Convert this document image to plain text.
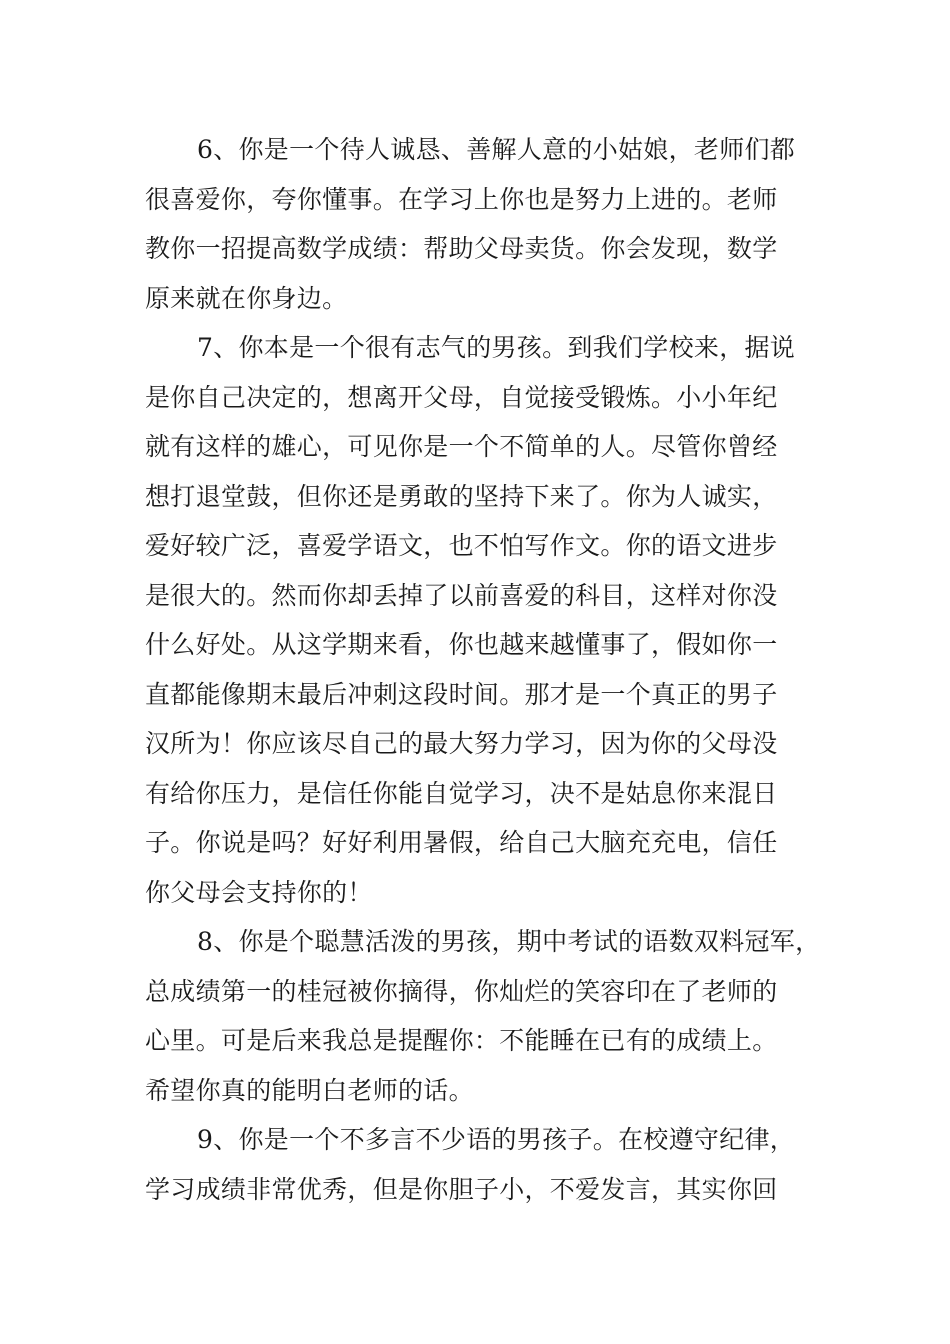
6、你是一个待人诚恳、善解人意的小姑娘，老师们都
很喜爱你，夸你懂事。在学习上你也是努力上进的。老师
教你一招提高数学成绩：帮助父母卖货。你会发现，数学
原来就在你身边。
7、你本是一个很有志气的男孩。到我们学校来，据说
是你自己决定的，想离开父母，自觉接受锻炼。小小年纪
就有这样的雄心，可见你是一个不简单的人。尽管你曾经
想打退堂鼓，但你还是勇敢的坚持下来了。你为人诚实，
爱好较广泛，喜爱学语文，也不怕写作文。你的语文进步
是很大的。然而你却丢掉了以前喜爱的科目，这样对你没
什么好处。从这学期来看，你也越来越懂事了，假如你一
直都能像期末最后冲刺这段时间。那才是一个真正的男子
汉所为！你应该尽自己的最大努力学习，因为你的父母没
有给你压力，是信任你能自觉学习，决不是姑息你来混日
子。你说是吗？好好利用暑假，给自己大脑充充电，信任
你父母会支持你的！
8、你是个聪慧活泼的男孩，期中考试的语数双料冠军，
总成绩第一的桂冠被你摘得，你灿烂的笑容印在了老师的
心里。可是后来我总是提醒你：不能睡在已有的成绩上。
希望你真的能明白老师的话。
9、你是一个不多言不少语的男孩子。在校遵守纪律，
学习成绩非常优秀，但是你胆子小，不爱发言，其实你回
